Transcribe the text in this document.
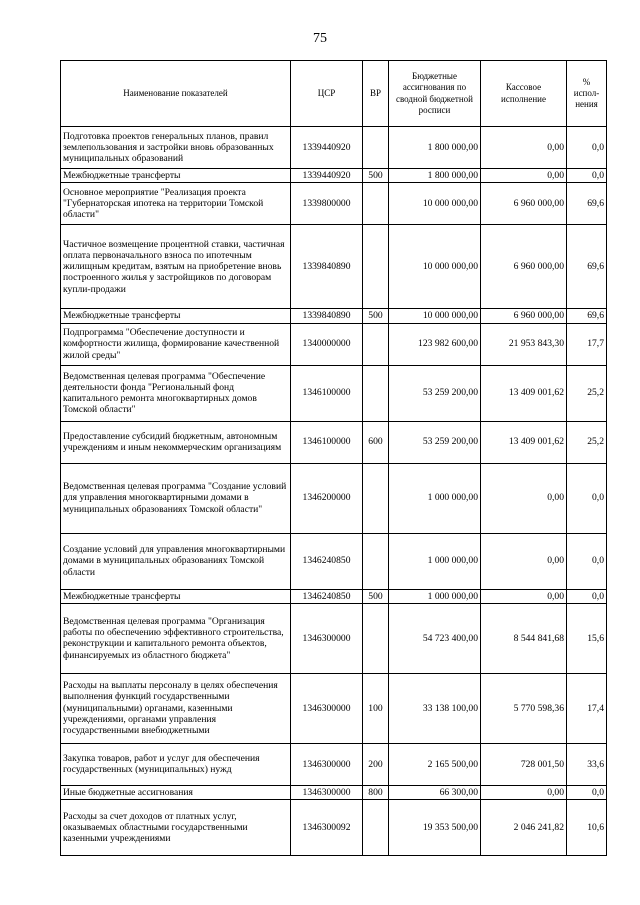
75
Наименование показателей	ЦСР	ВР	Бюджетные ассигнования по сводной бюджетной росписи	Кассовое исполнение	% испол-нения
Подготовка проектов генеральных планов, правил землепользования и застройки вновь образованных муниципальных образований	1339440920		1 800 000,00	0,00	0,0
Межбюджетные трансферты	1339440920	500	1 800 000,00	0,00	0,0
Основное мероприятие "Реализация проекта "Губернаторская ипотека на территории Томской области"	1339800000		10 000 000,00	6 960 000,00	69,6
Частичное возмещение процентной ставки, частичная оплата первоначального взноса по ипотечным жилищным кредитам, взятым на приобретение вновь построенного жилья у застройщиков по договорам купли-продажи	1339840890		10 000 000,00	6 960 000,00	69,6
Межбюджетные трансферты	1339840890	500	10 000 000,00	6 960 000,00	69,6
Подпрограмма "Обеспечение доступности и комфортности жилища, формирование качественной жилой среды"	1340000000		123 982 600,00	21 953 843,30	17,7
Ведомственная целевая программа "Обеспечение деятельности фонда "Региональный фонд капитального ремонта многоквартирных домов Томской области"	1346100000		53 259 200,00	13 409 001,62	25,2
Предоставление субсидий бюджетным, автономным учреждениям и иным некоммерческим организациям	1346100000	600	53 259 200,00	13 409 001,62	25,2
Ведомственная целевая программа "Создание условий для управления многоквартирными домами в муниципальных образованиях Томской области"	1346200000		1 000 000,00	0,00	0,0
Создание условий для управления многоквартирными домами в муниципальных образованиях Томской области	1346240850		1 000 000,00	0,00	0,0
Межбюджетные трансферты	1346240850	500	1 000 000,00	0,00	0,0
Ведомственная целевая программа "Организация работы по обеспечению эффективного строительства, реконструкции и капитального ремонта объектов, финансируемых из областного бюджета"	1346300000		54 723 400,00	8 544 841,68	15,6
Расходы на выплаты персоналу в целях обеспечения выполнения функций государственными (муниципальными) органами, казенными учреждениями, органами управления государственными внебюджетными	1346300000	100	33 138 100,00	5 770 598,36	17,4
Закупка товаров, работ и услуг для обеспечения государственных (муниципальных) нужд	1346300000	200	2 165 500,00	728 001,50	33,6
Иные бюджетные ассигнования	1346300000	800	66 300,00	0,00	0,0
Расходы за счет доходов от платных услуг, оказываемых областными государственными казенными учреждениями	1346300092		19 353 500,00	2 046 241,82	10,6
